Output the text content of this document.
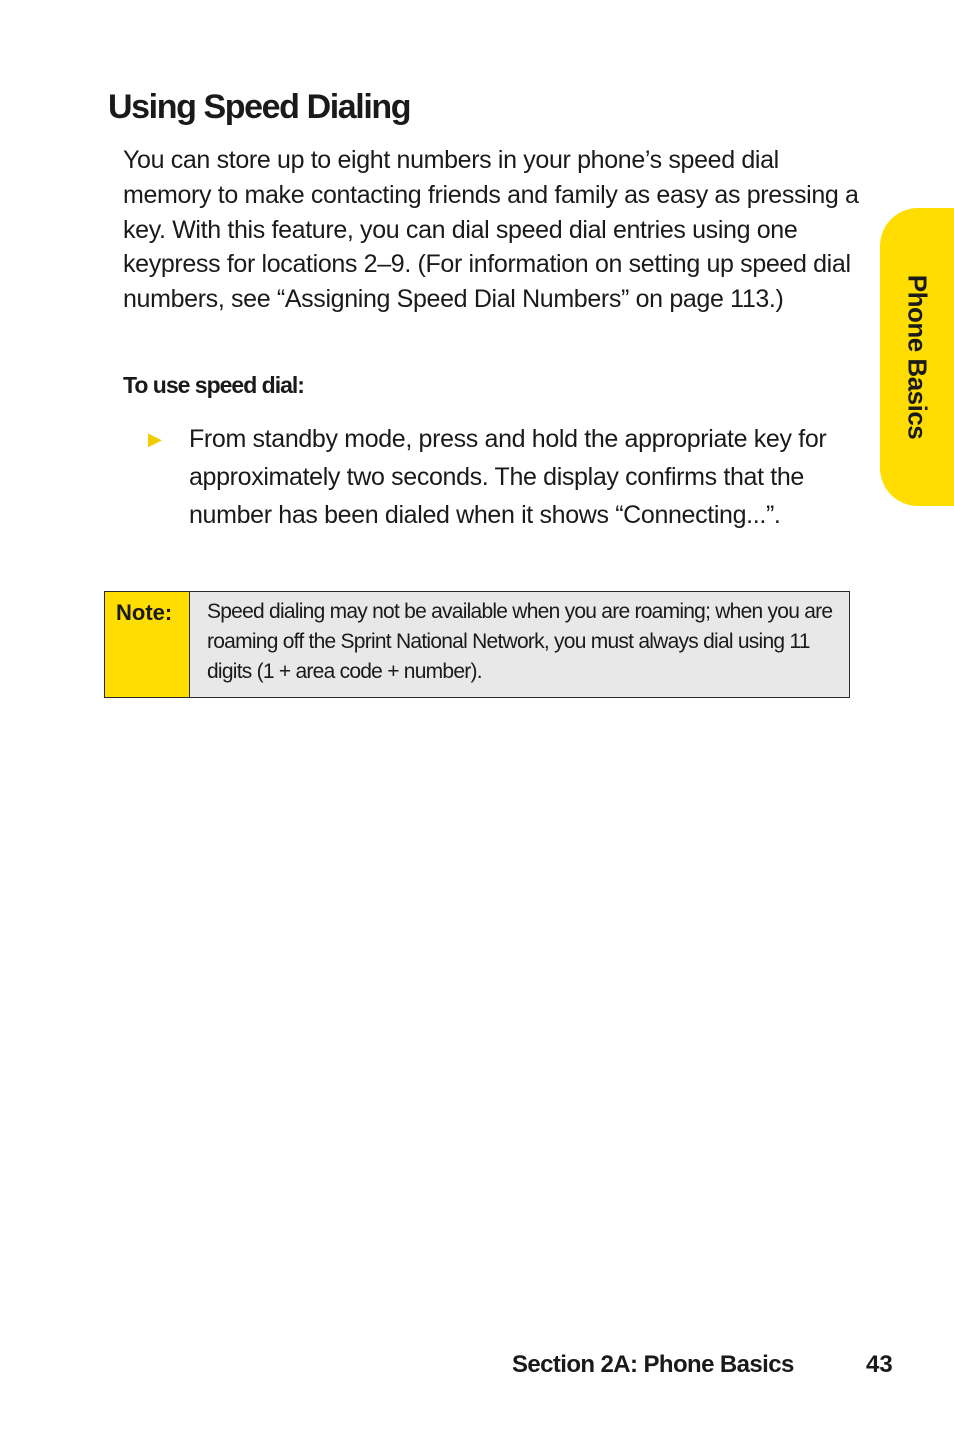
Using Speed Dialing

You can store up to eight numbers in your phone’s speed dial memory to make contacting friends and family as easy as pressing a key. With this feature, you can dial speed dial entries using one keypress for locations 2–9. (For information on setting up speed dial numbers, see “Assigning Speed Dial Numbers” on page 113.)

To use speed dial:
▶	From standby mode, press and hold the appropriate key for approximately two seconds. The display confirms that the number has been dialed when it shows “Connecting...”.
Note:	Speed dialing may not be available when you are roaming; when you are roaming off the Sprint National Network, you must always dial using 11 digits (1 + area code + number).
Phone Basics
Section 2A: Phone Basics	43
